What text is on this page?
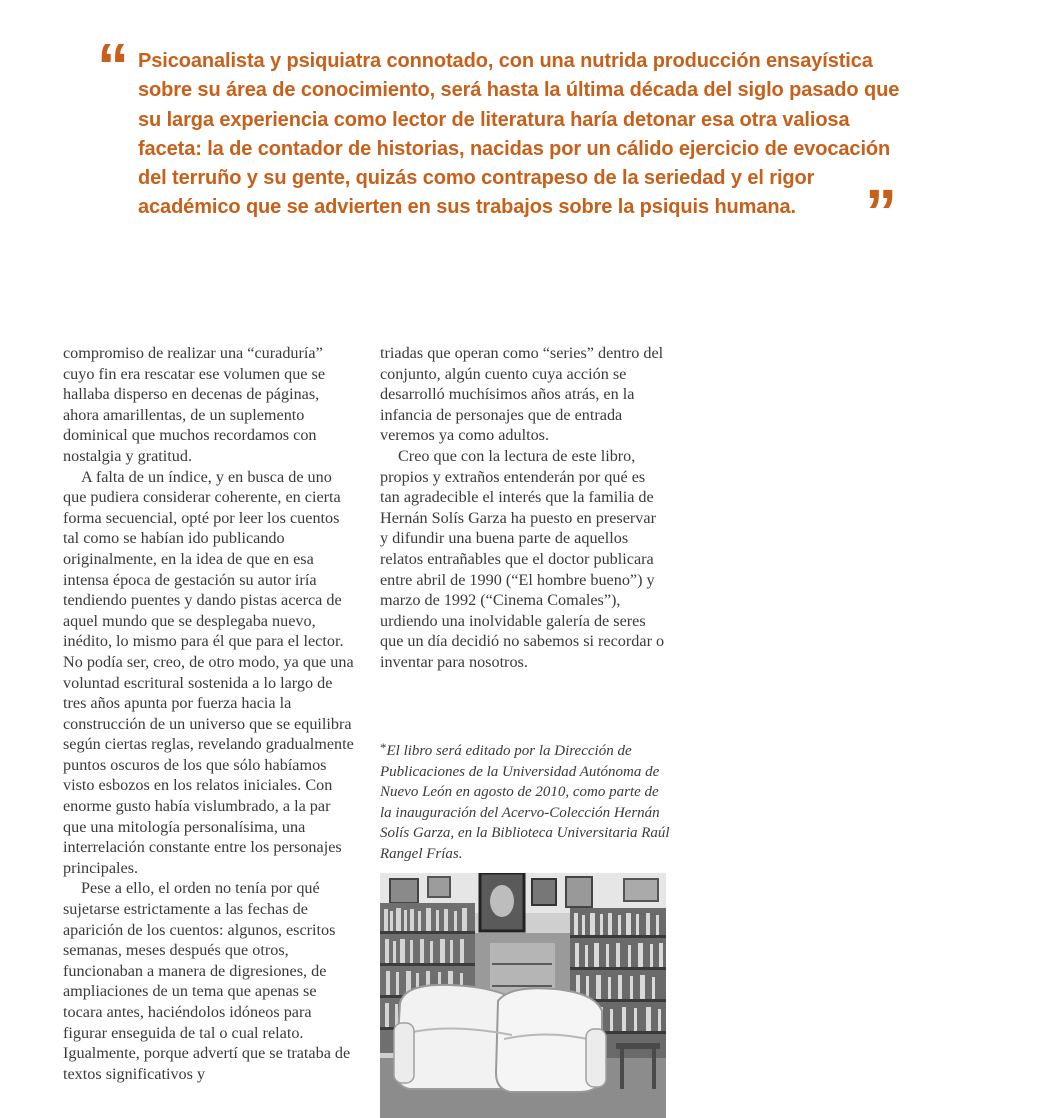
“ Psicoanalista y psiquiatra connotado, con una nutrida producción ensayística sobre su área de conocimiento, será hasta la última década del siglo pasado que su larga experiencia como lector de literatura haría detonar esa otra valiosa faceta: la de contador de historias, nacidas por un cálido ejercicio de evocación del terruño y su gente, quizás como contrapeso de la seriedad y el rigor académico que se advierten en sus trabajos sobre la psiquis humana.	”

compromiso de realizar una “curaduría” cuyo fin era rescatar ese volumen que se hallaba disperso en decenas de páginas, ahora amarillentas, de un suplemento dominical que muchos recordamos con nostalgia y gratitud.

A falta de un índice, y en busca de uno que pudiera considerar coherente, en cierta forma secuencial, opté por leer los cuentos tal como se habían ido publicando originalmente, en la idea de que en esa intensa época de gestación su autor iría tendiendo puentes y dando pistas acerca de aquel mundo que se desplegaba nuevo, inédito, lo mismo para él que para el lector. No podía ser, creo, de otro modo, ya que una voluntad escritural sostenida a lo largo de tres años apunta por fuerza hacia la construcción de un universo que se equilibra según ciertas reglas, revelando gradualmente puntos oscuros de los que sólo habíamos visto esbozos en los relatos iniciales. Con enorme gusto había vislumbrado, a la par que una mitología personalísima, una interrelación constante entre los personajes principales.

Pese a ello, el orden no tenía por qué sujetarse estrictamente a las fechas de aparición de los cuentos: algunos, escritos semanas, meses después que otros, funcionaban a manera de digresiones, de ampliaciones de un tema que apenas se tocara antes, haciéndolos idóneos para figurar enseguida de tal o cual relato. Igualmente, porque advertí que se trataba de textos significativos y

triadas que operan como “series” dentro del conjunto, algún cuento cuya acción se desarrolló muchísimos años atrás, en la infancia de personajes que de entrada veremos ya como adultos.

Creo que con la lectura de este libro, propios y extraños entenderán por qué es tan agradecible el interés que la familia de Hernán Solís Garza ha puesto en preservar y difundir una buena parte de aquellos relatos entrañables que el doctor publicara entre abril de 1990 (“El hombre bueno”) y marzo de 1992 (“Cinema Comales”), urdiendo una inolvidable galería de seres que un día decidió no sabemos si recordar o inventar para nosotros.

*El libro será editado por la Dirección de Publicaciones de la Universidad Autónoma de Nuevo León en agosto de 2010, como parte de la inauguración del Acervo-Colección Hernán Solís Garza, en la Biblioteca Universitaria Raúl Rangel Frías.
